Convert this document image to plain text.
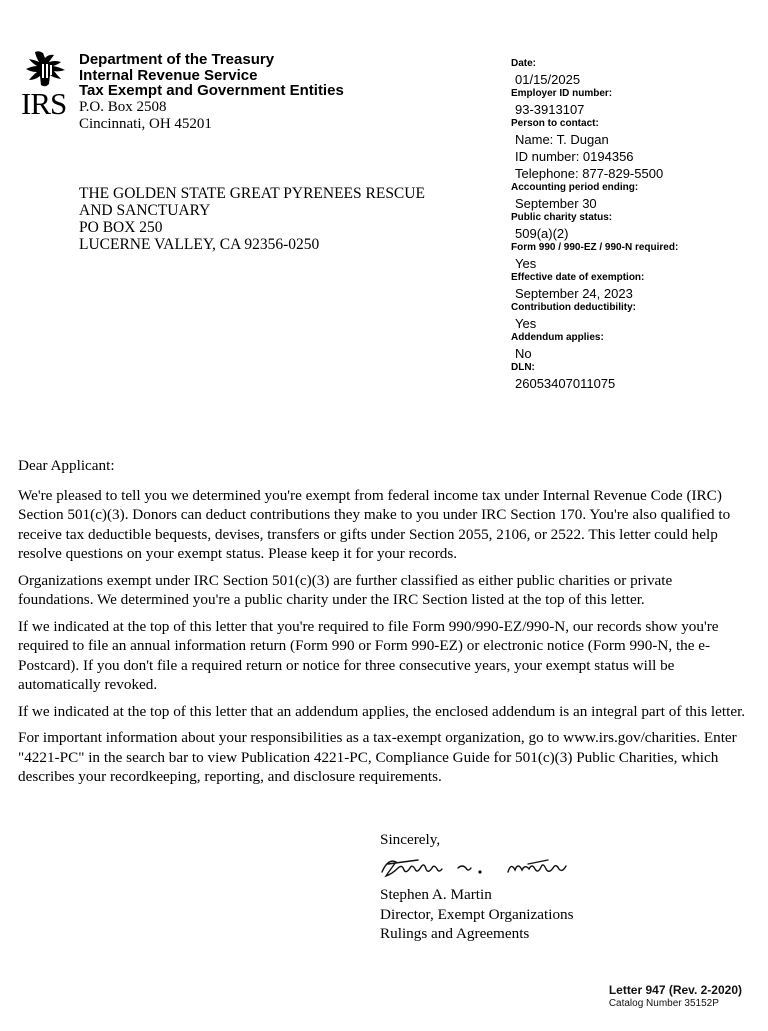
IRS
Department of the Treasury
Internal Revenue Service
Tax Exempt and Government Entities
P.O. Box 2508
Cincinnati, OH 45201
THE GOLDEN STATE GREAT PYRENEES RESCUE
AND SANCTUARY
PO BOX 250
LUCERNE VALLEY, CA 92356-0250
Date:
01/15/2025
Employer ID number:
93-3913107
Person to contact:
Name: T. Dugan
ID number: 0194356
Telephone: 877-829-5500
Accounting period ending:
September 30
Public charity status:
509(a)(2)
Form 990 / 990-EZ / 990-N required:
Yes
Effective date of exemption:
September 24, 2023
Contribution deductibility:
Yes
Addendum applies:
No
DLN:
26053407011075

Dear Applicant:

We're pleased to tell you we determined you're exempt from federal income tax under Internal Revenue Code (IRC) Section 501(c)(3). Donors can deduct contributions they make to you under IRC Section 170. You're also qualified to receive tax deductible bequests, devises, transfers or gifts under Section 2055, 2106, or 2522. This letter could help resolve questions on your exempt status. Please keep it for your records.

Organizations exempt under IRC Section 501(c)(3) are further classified as either public charities or private foundations. We determined you're a public charity under the IRC Section listed at the top of this letter.

If we indicated at the top of this letter that you're required to file Form 990/990-EZ/990-N, our records show you're required to file an annual information return (Form 990 or Form 990-EZ) or electronic notice (Form 990-N, the e-Postcard). If you don't file a required return or notice for three consecutive years, your exempt status will be automatically revoked.

If we indicated at the top of this letter that an addendum applies, the enclosed addendum is an integral part of this letter.

For important information about your responsibilities as a tax-exempt organization, go to www.irs.gov/charities. Enter "4221-PC" in the search bar to view Publication 4221-PC, Compliance Guide for 501(c)(3) Public Charities, which describes your recordkeeping, reporting, and disclosure requirements.

Sincerely,
Stephen A. Martin
Director, Exempt Organizations
Rulings and Agreements
Letter 947 (Rev. 2-2020)
Catalog Number 35152P
